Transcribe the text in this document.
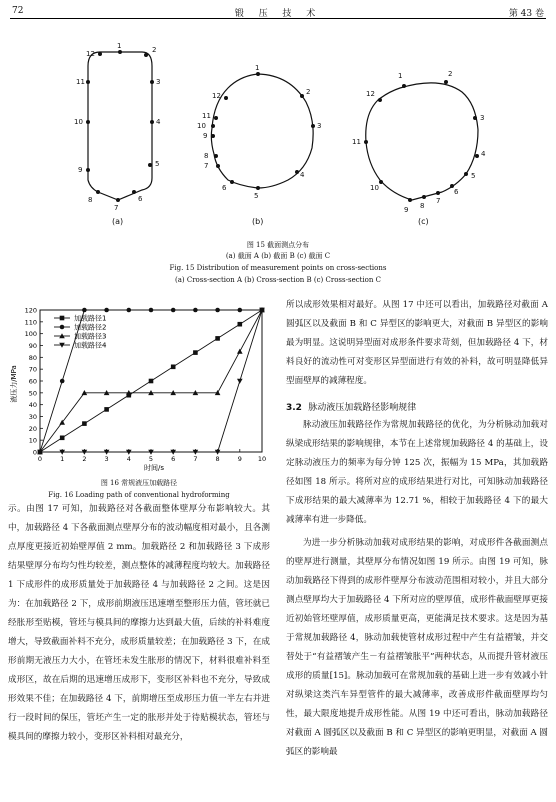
72	锻 压 技 术	第 43 卷
1	2
3
4
5
6
7
8
9
10
11
12
(a)
1
2
3
4
5
6
7
8
9
10
11
12
(b)
1	2
3
4
5
6
7
8
9
10
11
12
(c)
图 15 截面测点分布
(a) 截面 A (b) 截面 B (c) 截面 C
Fig. 15 Distribution of measurement points on cross-sections
(a) Cross-section A (b) Cross-section B (c) Cross-section C
0
10
20
30
40
50
60
70
80
90
100
110
120
0	1	2	3	4	5	6	7	8	9 10
加载路径1
加载路径2
加载路径3
加载路径4
液压力/MPa
时间/s
图 16 常规液压加载路径
Fig. 16 Loading path of conventional hydroforming

示。由图 17 可知，加载路径对各截面整体壁厚分布影响较大。其中，加载路径 4 下各截面测点壁厚分布的波动幅度相对最小，且各测点厚度更接近初始壁厚值 2 mm。加载路径 2 和加载路径 3 下成形结果壁厚分布均匀性均较差，测点整体的减薄程度均较大。加载路径 1 下成形件的成形质量处于加载路径 4 与加载路径 2 之间。这是因为：在加载路径 2 下，成形前期液压迅速增至整形压力值，管坯就已经胀形至贴模，管坯与模具间的摩擦力达到最大值，后续的补料难度增大，导致截面补料不充分，成形质量较差；在加载路径 3 下，在成形前期无液压力大小，在管坯未发生胀形的情况下，材料很难补料至成形区，故在后期的迅速增压成形下，变形区补料也不充分，导致成形效果不佳；在加载路径 4 下，前期增压至成形压力值一半左右并进行一段时间的保压，管坯产生一定的胀形并处于待贴模状态，管坯与模具间的摩擦力较小，变形区补料相对最充分，

所以成形效果相对最好。从图 17 中还可以看出，加载路径对截面 A 圆弧区以及截面 B 和 C 异型区的影响更大，对截面 B 异型区的影响最为明显。这说明异型面对成形条件要求苛刻，但加载路径 4 下，材料良好的流动性可对变形区异型面进行有效的补料，故可明显降低异型面壁厚的减薄程度。

3.2 脉动液压加载路径影响规律

脉动液压加载路径作为常规加载路径的优化，为分析脉动加载对纵梁成形结果的影响规律，本节在上述常规加载路径 4 的基础上，设定脉动液压力的频率为每分钟 125 次，振幅为 15 MPa，其加载路径如图 18 所示。将所对应的成形结果进行对比，可知脉动加载路径下成形结果的最大减薄率为 12.71 %，相较于加载路径 4 下的最大减薄率有进一步降低。

为进一步分析脉动加载对成形结果的影响，对成形件各截面测点的壁厚进行测量，其壁厚分布情况如图 19 所示。由图 19 可知，脉动加载路径下得到的成形件壁厚分布波动范围相对较小，并且大部分测点壁厚均大于加载路径 4 下所对应的壁厚值，成形件截面壁厚更接近初始管坯壁厚值，成形质量更高，更能满足技术要求。这是因为基于常规加载路径 4，脉动加载使管材成形过程中产生有益褶皱，并交替处于“有益褶皱产生－有益褶皱胀平”两种状态，从而提升管材液压成形的质量[15]。脉动加载可在常规加载的基础上进一步有效减小针对纵梁这类汽车异型管件的最大减薄率，改善成形件截面壁厚均匀性，最大限度地提升成形性能。从图 19 中还可看出，脉动加载路径对截面 A 圆弧区以及截面 B 和 C 异型区的影响更明显，对截面 A 圆弧区的影响最
